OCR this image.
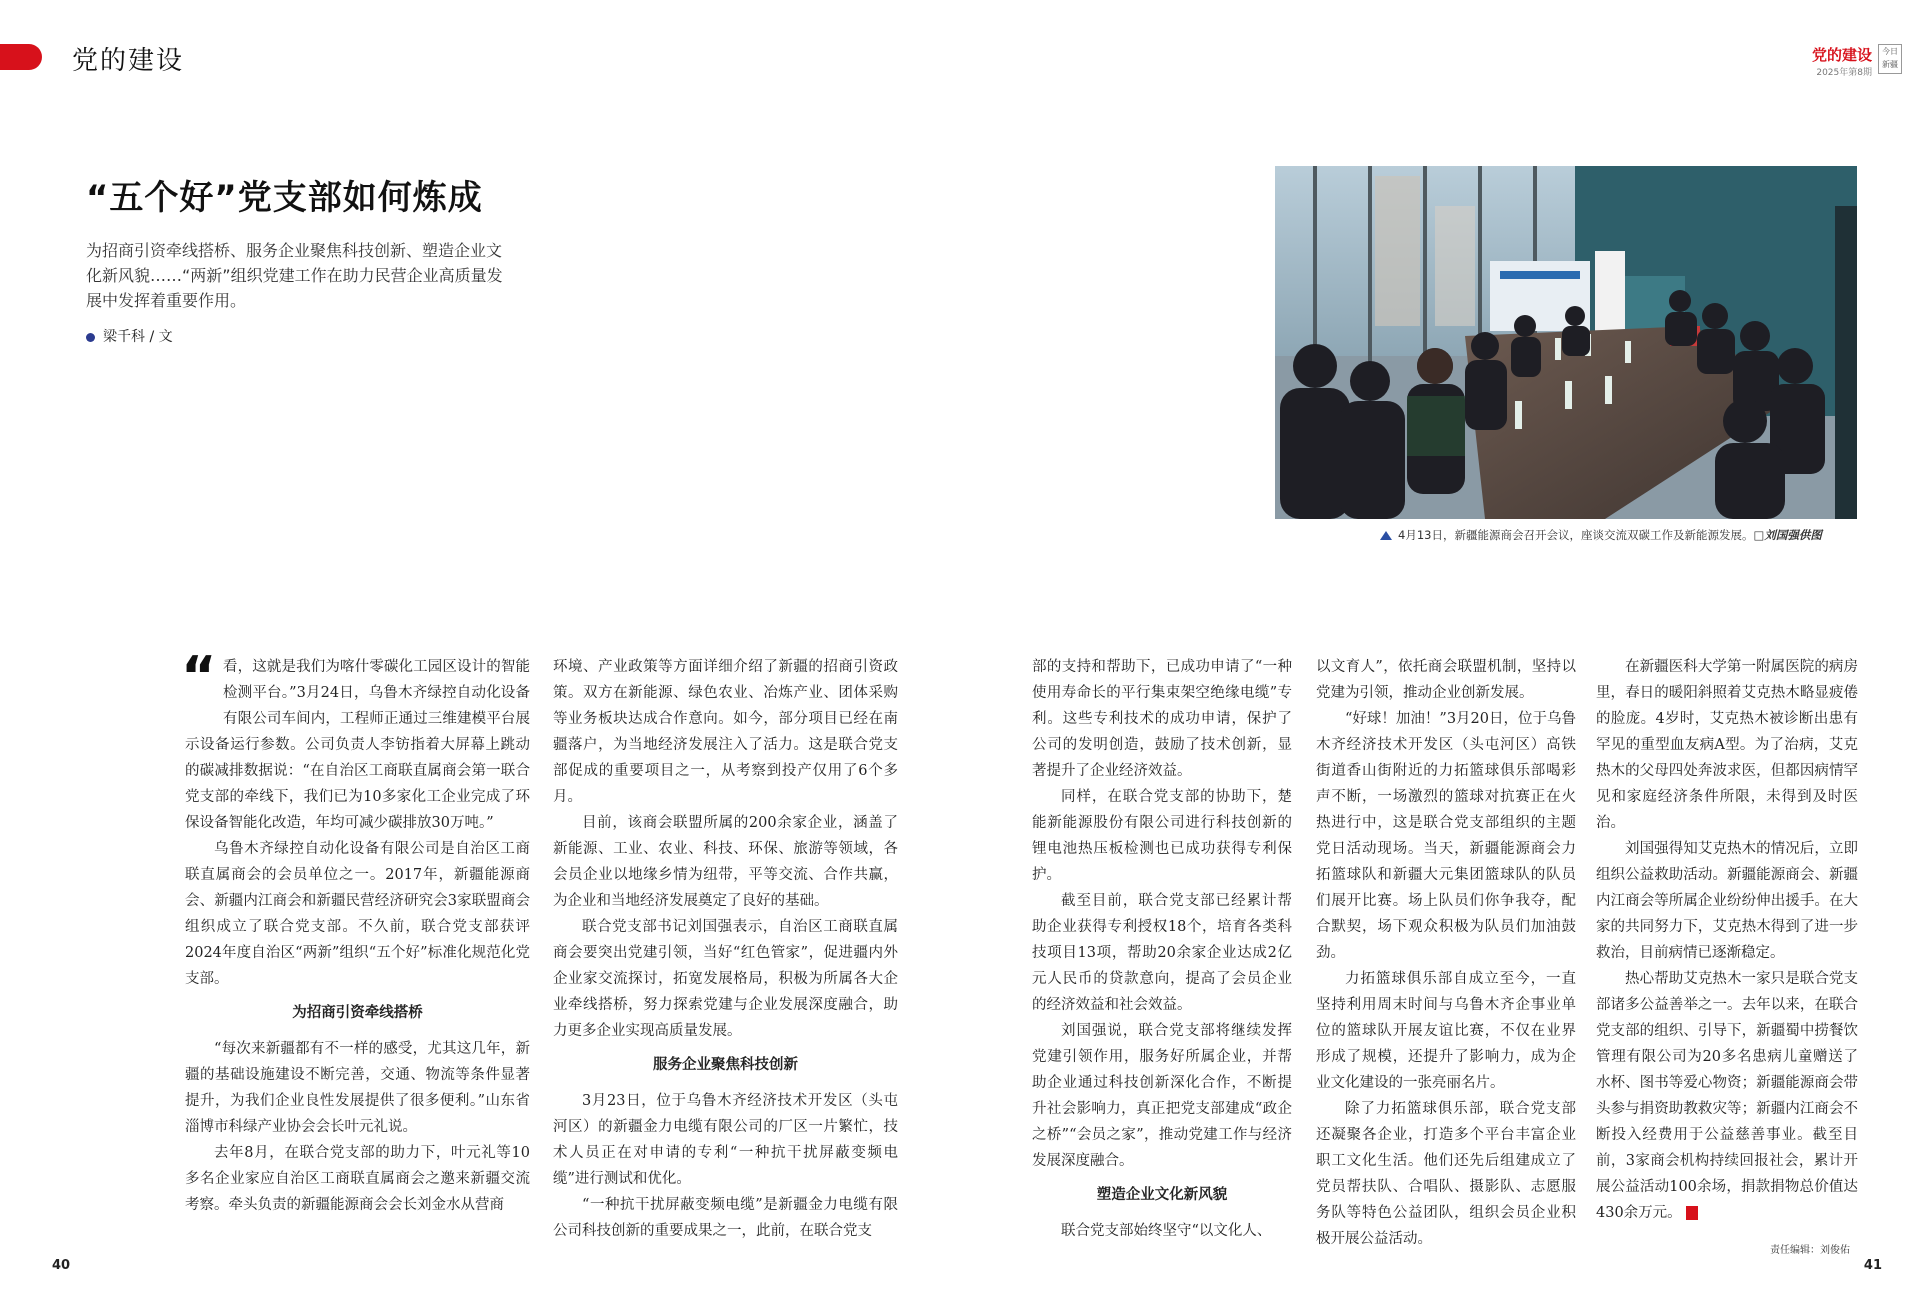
党的建设	党的建设
2025年第8期
今日新疆
“五个好”党支部如何炼成
为招商引资牵线搭桥、服务企业聚焦科技创新、塑造企业文化新风貌……“两新”组织党建工作在助力民营企业高质量发展中发挥着重要作用。
梁千科 / 文
4月13日，新疆能源商会召开会议，座谈交流双碳工作及新能源发展。□刘国强供图
“ 看，这就是我们为喀什零碳化工园区设计的智能检测平台。”3月24日，乌鲁木齐绿控自动化设备有限公司车间内，工程师正通过三维建模平台展示设备运行参数。公司负责人李钫指着大屏幕上跳动的碳减排数据说：“在自治区工商联直属商会第一联合党支部的牵线下，我们已为10多家化工企业完成了环保设备智能化改造，年均可减少碳排放30万吨。”

乌鲁木齐绿控自动化设备有限公司是自治区工商联直属商会的会员单位之一。2017年，新疆能源商会、新疆内江商会和新疆民营经济研究会3家联盟商会组织成立了联合党支部。不久前，联合党支部获评2024年度自治区“两新”组织“五个好”标准化规范化党支部。

为招商引资牵线搭桥

“每次来新疆都有不一样的感受，尤其这几年，新疆的基础设施建设不断完善，交通、物流等条件显著提升，为我们企业良性发展提供了很多便利。”山东省淄博市科绿产业协会会长叶元礼说。

去年8月，在联合党支部的助力下，叶元礼等10多名企业家应自治区工商联直属商会之邀来新疆交流考察。牵头负责的新疆能源商会会长刘金水从营商

环境、产业政策等方面详细介绍了新疆的招商引资政策。双方在新能源、绿色农业、冶炼产业、团体采购等业务板块达成合作意向。如今，部分项目已经在南疆落户，为当地经济发展注入了活力。这是联合党支部促成的重要项目之一，从考察到投产仅用了6个多月。

目前，该商会联盟所属的200余家企业，涵盖了新能源、工业、农业、科技、环保、旅游等领域，各会员企业以地缘乡情为纽带，平等交流、合作共赢，为企业和当地经济发展奠定了良好的基础。

联合党支部书记刘国强表示，自治区工商联直属商会要突出党建引领，当好“红色管家”，促进疆内外企业家交流探讨，拓宽发展格局，积极为所属各大企业牵线搭桥，努力探索党建与企业发展深度融合，助力更多企业实现高质量发展。

服务企业聚焦科技创新

3月23日，位于乌鲁木齐经济技术开发区（头屯河区）的新疆金力电缆有限公司的厂区一片繁忙，技术人员正在对申请的专利“一种抗干扰屏蔽变频电缆”进行测试和优化。

“一种抗干扰屏蔽变频电缆”是新疆金力电缆有限公司科技创新的重要成果之一，此前，在联合党支

部的支持和帮助下，已成功申请了“一种使用寿命长的平行集束架空绝缘电缆”专利。这些专利技术的成功申请，保护了公司的发明创造，鼓励了技术创新，显著提升了企业经济效益。

同样，在联合党支部的协助下，楚能新能源股份有限公司进行科技创新的锂电池热压板检测也已成功获得专利保护。

截至目前，联合党支部已经累计帮助企业获得专利授权18个，培育各类科技项目13项，帮助20余家企业达成2亿元人民币的贷款意向，提高了会员企业的经济效益和社会效益。

刘国强说，联合党支部将继续发挥党建引领作用，服务好所属企业，并帮助企业通过科技创新深化合作，不断提升社会影响力，真正把党支部建成“政企之桥”“会员之家”，推动党建工作与经济发展深度融合。

塑造企业文化新风貌

联合党支部始终坚守“以文化人、

以文育人”，依托商会联盟机制，坚持以党建为引领，推动企业创新发展。

“好球！加油！”3月20日，位于乌鲁木齐经济技术开发区（头屯河区）高铁街道香山街附近的力拓篮球俱乐部喝彩声不断，一场激烈的篮球对抗赛正在火热进行中，这是联合党支部组织的主题党日活动现场。当天，新疆能源商会力拓篮球队和新疆大元集团篮球队的队员们展开比赛。场上队员们你争我夺，配合默契，场下观众积极为队员们加油鼓劲。

力拓篮球俱乐部自成立至今，一直坚持利用周末时间与乌鲁木齐企事业单位的篮球队开展友谊比赛，不仅在业界形成了规模，还提升了影响力，成为企业文化建设的一张亮丽名片。

除了力拓篮球俱乐部，联合党支部还凝聚各企业，打造多个平台丰富企业职工文化生活。他们还先后组建成立了党员帮扶队、合唱队、摄影队、志愿服务队等特色公益团队，组织会员企业积极开展公益活动。

在新疆医科大学第一附属医院的病房里，春日的暖阳斜照着艾克热木略显疲倦的脸庞。4岁时，艾克热木被诊断出患有罕见的重型血友病A型。为了治病，艾克热木的父母四处奔波求医，但都因病情罕见和家庭经济条件所限，未得到及时医治。

刘国强得知艾克热木的情况后，立即组织公益救助活动。新疆能源商会、新疆内江商会等所属企业纷纷伸出援手。在大家的共同努力下，艾克热木得到了进一步救治，目前病情已逐渐稳定。

热心帮助艾克热木一家只是联合党支部诸多公益善举之一。去年以来，在联合党支部的组织、引导下，新疆蜀中捞餐饮管理有限公司为20多名患病儿童赠送了水杯、图书等爱心物资；新疆能源商会带头参与捐资助教救灾等；新疆内江商会不断投入经费用于公益慈善事业。截至目前，3家商会机构持续回报社会，累计开展公益活动100余场，捐款捐物总价值达430余万元。

40
责任编辑：刘俊佑
41
